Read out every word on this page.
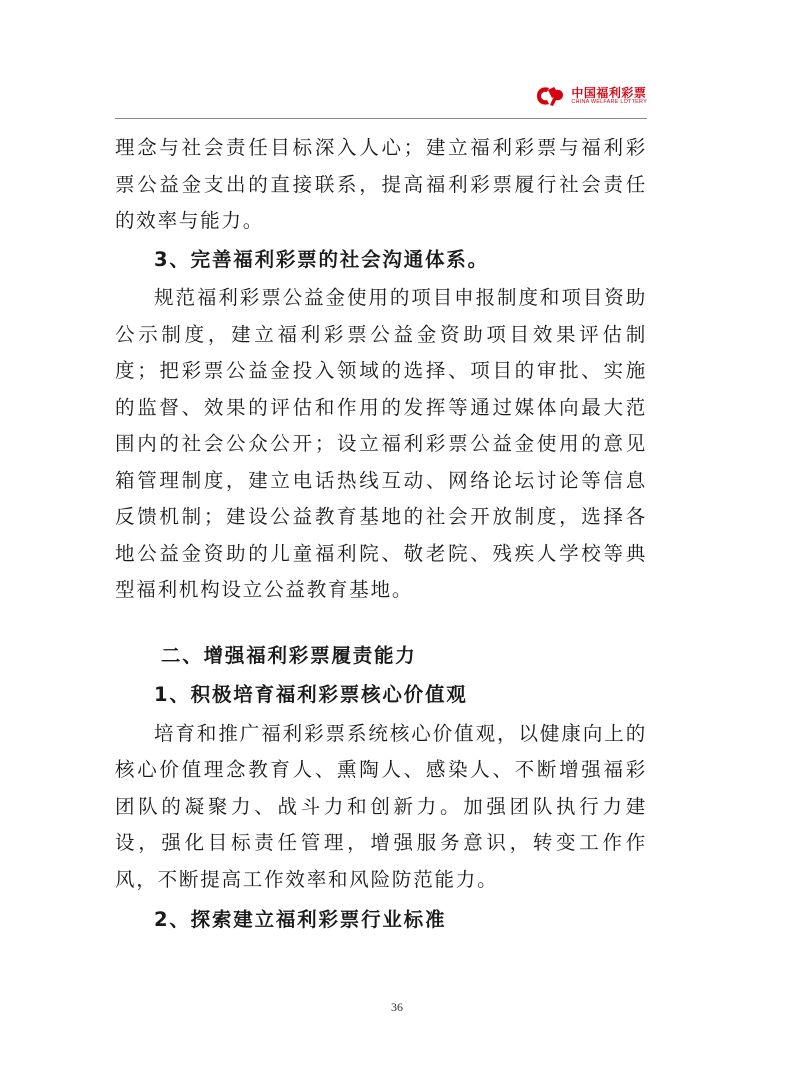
中国福利彩票
CHINA WELFARE LOTTERY

理念与社会责任目标深入人心；建立福利彩票与福利彩票公益金支出的直接联系，提高福利彩票履行社会责任的效率与能力。

3、完善福利彩票的社会沟通体系。

规范福利彩票公益金使用的项目申报制度和项目资助公示制度，建立福利彩票公益金资助项目效果评估制度；把彩票公益金投入领域的选择、项目的审批、实施的监督、效果的评估和作用的发挥等通过媒体向最大范围内的社会公众公开；设立福利彩票公益金使用的意见箱管理制度，建立电话热线互动、网络论坛讨论等信息反馈机制；建设公益教育基地的社会开放制度，选择各地公益金资助的儿童福利院、敬老院、残疾人学校等典型福利机构设立公益教育基地。

二、增强福利彩票履责能力

1、积极培育福利彩票核心价值观

培育和推广福利彩票系统核心价值观，以健康向上的核心价值理念教育人、熏陶人、感染人、不断增强福彩团队的凝聚力、战斗力和创新力。加强团队执行力建设，强化目标责任管理，增强服务意识，转变工作作风，不断提高工作效率和风险防范能力。

2、探索建立福利彩票行业标准

36
